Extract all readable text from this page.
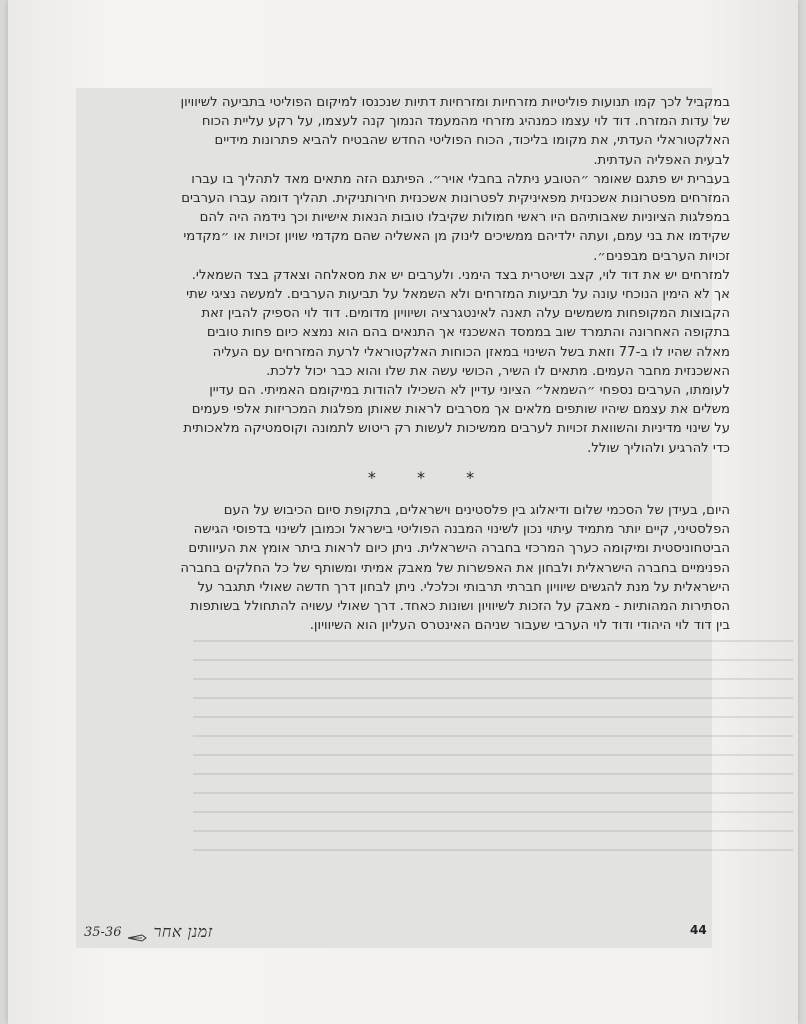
במקביל לכך קמו תנועות פוליטיות מזרחיות ומזרחיות דתיות שנכנסו למיקום הפוליטי בתביעה לשיוויון של עדות המזרח. דוד לוי עצמו כמנהיג מזרחי מהמעמד הנמוך קנה לעצמו, על רקע עליית הכוח האלקטוראלי העדתי, את מקומו בליכוד, הכוח הפוליטי החדש שהבטיח להביא פתרונות מידיים לבעית האפליה העדתית.

בעברית יש פתגם שאומר ״הטובע ניתלה בחבלי אויר״. הפיתגם הזה מתאים מאד לתהליך בו עברו המזרחים מפטרונות אשכנזית מפאיניקית לפטרונות אשכנזית חירותניקית. תהליך דומה עברו הערבים במפלגות הציוניות שאבותיהם היו ראשי חמולות שקיבלו טובות הנאות אישיות וכך נידמה היה להם שקידמו את בני עמם, ועתה ילדיהם ממשיכים לינוק מן האשליה שהם מקדמי שויון זכויות או ״מקדמי זכויות הערבים מבפנים״.

למזרחים יש את דוד לוי, קצב ושיטרית בצד הימני. ולערבים יש את מסאלחה וצאדק בצד השמאלי. אך לא הימין הנוכחי עונה על תביעות המזרחים ולא השמאל על תביעות הערבים. למעשה נציגי שתי הקבוצות המקופחות משמשים עלה תאנה לאינטגרציה ושיוויון מדומים. דוד לוי הספיק להבין זאת בתקופה האחרונה והתמרד שוב בממסד האשכנזי אך התנאים בהם הוא נמצא כיום פחות טובים מאלה שהיו לו ב-77 וזאת בשל השינוי במאזן הכוחות האלקטוראלי לרעת המזרחים עם העליה האשכנזית מחבר העמים. מתאים לו השיר, הכושי עשה את שלו והוא כבר יכול ללכת.

לעומתו, הערבים נספחי ״השמאל״ הציוני עדיין לא השכילו להודות במיקומם האמיתי. הם עדיין משלים את עצמם שיהיו שותפים מלאים אך מסרבים לראות שאותן מפלגות המכריזות אלפי פעמים על שינוי מדיניות והשוואת זכויות לערבים ממשיכות לעשות רק ריטוש לתמונה וקוסמטיקה מלאכותית כדי להרגיע ולהוליך שולל.

* * *

היום, בעידן של הסכמי שלום ודיאלוג בין פלסטינים וישראלים, בתקופת סיום הכיבוש על העם הפלסטיני, קיים יותר מתמיד עיתוי נכון לשינוי המבנה הפוליטי בישראל וכמובן לשינוי בדפוסי הגישה הביטחוניסטית ומיקומה כערך המרכזי בחברה הישראלית. ניתן כיום לראות ביתר אומץ את העיוותים הפנימיים בחברה הישראלית ולבחון את האפשרות של מאבק אמיתי ומשותף של כל החלקים בחברה הישראלית על מנת להגשים שיוויון חברתי תרבותי וכלכלי. ניתן לבחון דרך חדשה שאולי תתגבר על הסתירות המהותיות - מאבק על הזכות לשיוויון ושונות כאחד. דרך שאולי עשויה להתחולל בשותפות בין דוד לוי היהודי ודוד לוי הערבי שעבור שניהם האינטרס העליון הוא השיוויון.

44
35-36 זמנן אחר
